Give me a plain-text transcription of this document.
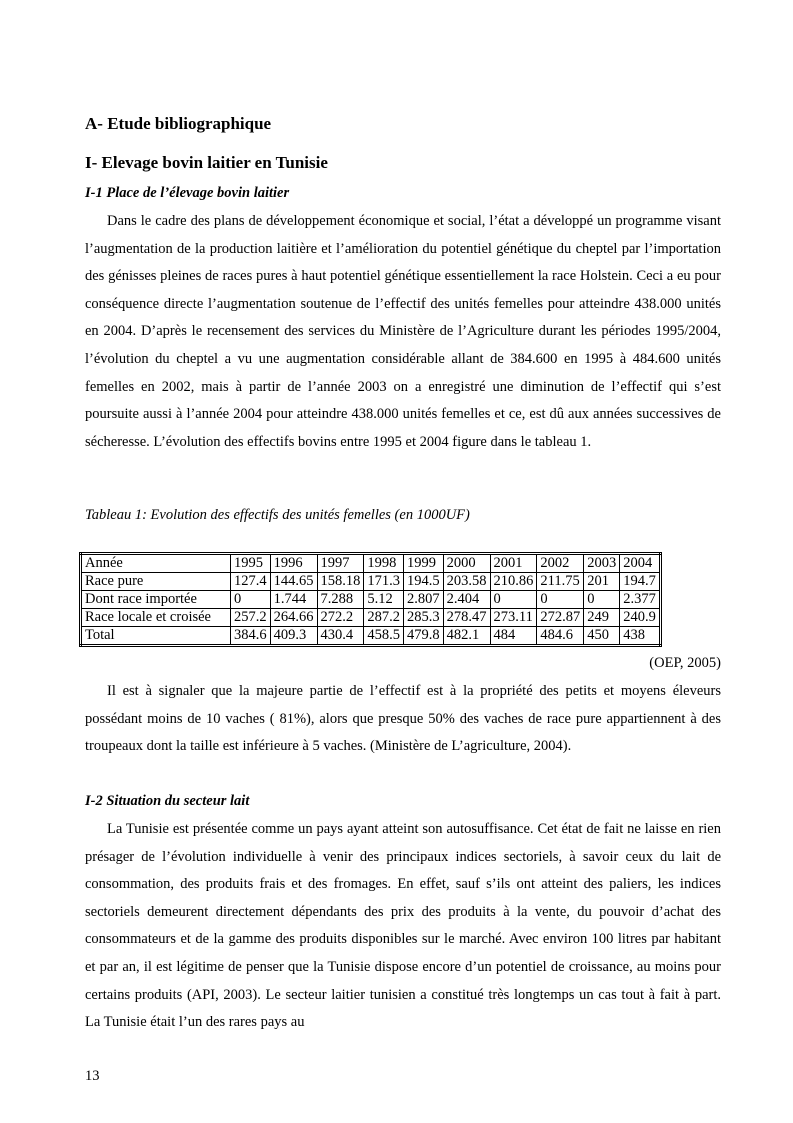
A- Etude bibliographique
I- Elevage bovin laitier en Tunisie
I-1 Place de l’élevage bovin laitier

Dans le cadre des plans de développement économique et social, l’état a développé un programme visant l’augmentation de la production laitière et l’amélioration du potentiel génétique du cheptel par l’importation des génisses pleines de races pures à haut potentiel génétique essentiellement la race Holstein. Ceci a eu pour conséquence directe l’augmentation soutenue de l’effectif des unités femelles pour atteindre 438.000 unités en 2004. D’après le recensement des services du Ministère de l’Agriculture durant les périodes 1995/2004, l’évolution du cheptel a vu une augmentation considérable allant de 384.600 en 1995 à 484.600 unités femelles en 2002, mais à partir de l’année 2003 on a enregistré une diminution de l’effectif qui s’est poursuite aussi à l’année 2004 pour atteindre 438.000 unités femelles et ce, est dû aux années successives de sécheresse. L’évolution des effectifs bovins entre 1995 et 2004 figure dans le tableau 1.

Tableau 1: Evolution des effectifs des unités femelles (en 1000UF)
Année	1995	1996	1997	1998	1999	2000	2001	2002	2003	2004
Race pure	127.4	144.65	158.18	171.3	194.5	203.58	210.86	211.75	201	194.7
Dont race importée	0	1.744	7.288	5.12	2.807	2.404	0	0	0	2.377
Race locale et croisée	257.2	264.66	272.2	287.2	285.3	278.47	273.11	272.87	249	240.9
Total	384.6	409.3	430.4	458.5	479.8	482.1	484	484.6	450	438
(OEP, 2005)

Il est à signaler que la majeure partie de l’effectif est à la propriété des petits et moyens éleveurs possédant moins de 10 vaches ( 81%), alors que presque 50% des vaches de race pure appartiennent à des troupeaux dont la taille est inférieure à 5 vaches. (Ministère de L’agriculture, 2004).

I-2 Situation du secteur lait

La Tunisie est présentée comme un pays ayant atteint son autosuffisance. Cet état de fait ne laisse en rien présager de l’évolution individuelle à venir des principaux indices sectoriels, à savoir ceux du lait de consommation, des produits frais et des fromages. En effet, sauf s’ils ont atteint des paliers, les indices sectoriels demeurent directement dépendants des prix des produits à la vente, du pouvoir d’achat des consommateurs et de la gamme des produits disponibles sur le marché. Avec environ 100 litres par habitant et par an, il est légitime de penser que la Tunisie dispose encore d’un potentiel de croissance, au moins pour certains produits (API, 2003). Le secteur laitier tunisien a constitué très longtemps un cas tout à fait à part. La Tunisie était l’un des rares pays au

13
